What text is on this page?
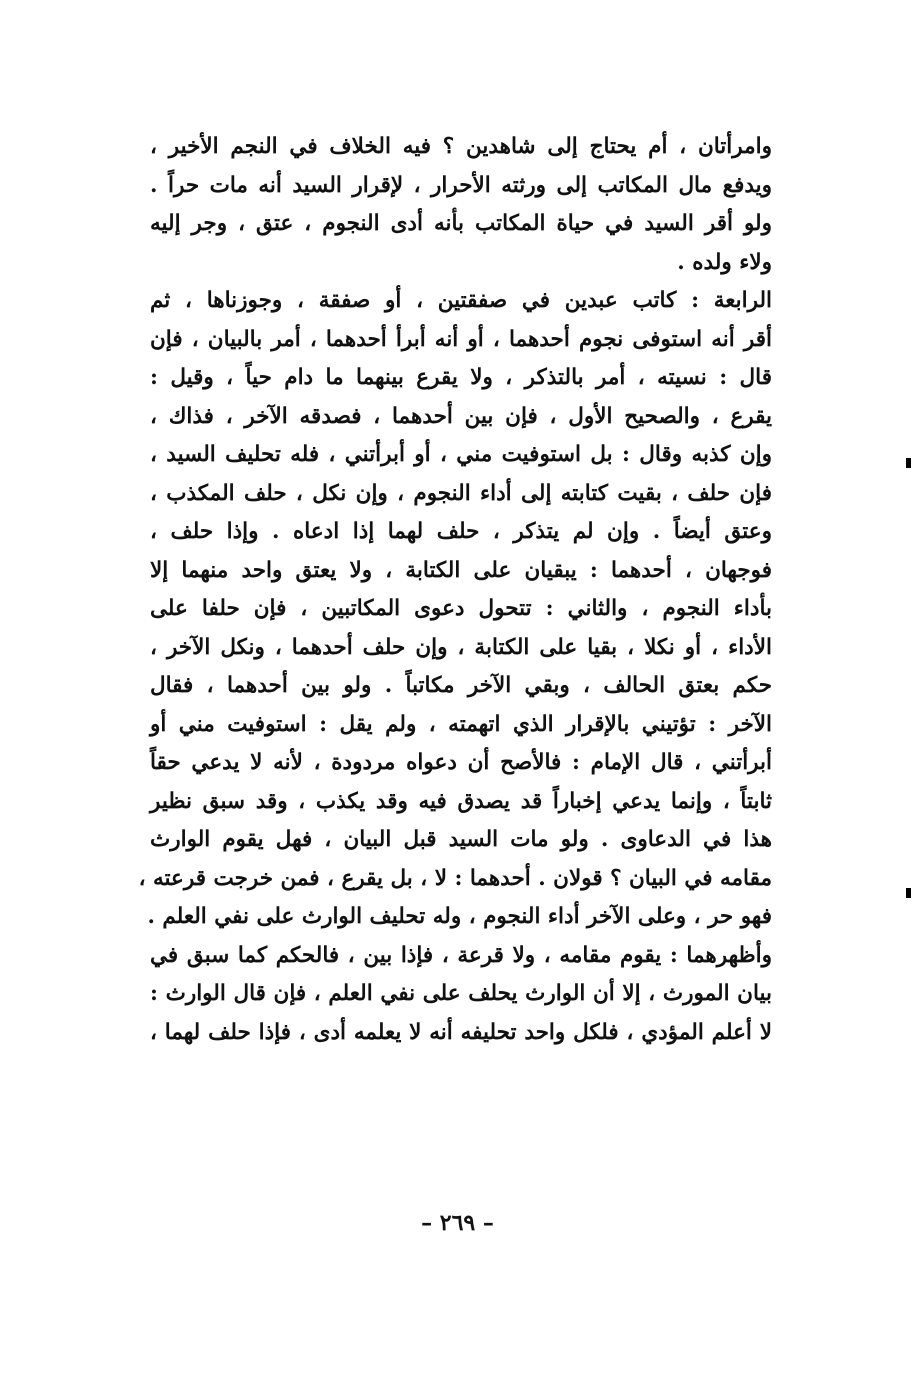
وامرأتان ، أم يحتاج إلى شاهدين ؟ فيه الخلاف في النجم الأخير ،
ويدفع مال المكاتب إلى ورثته الأحرار ، لإقرار السيد أنه مات حراً .
ولو أقر السيد في حياة المكاتب بأنه أدى النجوم ، عتق ، وجر إليه
ولاء ولده .
الرابعة : كاتب عبدين في صفقتين ، أو صفقة ، وجوزناها ، ثم
أقر أنه استوفى نجوم أحدهما ، أو أنه أبرأ أحدهما ، أمر بالبيان ، فإن
قال : نسيته ، أمر بالتذكر ، ولا يقرع بينهما ما دام حياً ، وقيل :
يقرع ، والصحيح الأول ، فإن بين أحدهما ، فصدقه الآخر ، فذاك ،
وإن كذبه وقال : بل استوفيت مني ، أو أبرأتني ، فله تحليف السيد ،
فإن حلف ، بقيت كتابته إلى أداء النجوم ، وإن نكل ، حلف المكذب ،
وعتق أيضاً . وإن لم يتذكر ، حلف لهما إذا ادعاه . وإذا حلف ،
فوجهان ، أحدهما : يبقيان على الكتابة ، ولا يعتق واحد منهما إلا
بأداء النجوم ، والثاني : تتحول دعوى المكاتبين ، فإن حلفا على
الأداء ، أو نكلا ، بقيا على الكتابة ، وإن حلف أحدهما ، ونكل الآخر ،
حكم بعتق الحالف ، وبقي الآخر مكاتباً . ولو بين أحدهما ، فقال
الآخر : تؤتيني بالإقرار الذي اتهمته ، ولم يقل : استوفيت مني أو
أبرأتني ، قال الإمام : فالأصح أن دعواه مردودة ، لأنه لا يدعي حقاً
ثابتاً ، وإنما يدعي إخباراً قد يصدق فيه وقد يكذب ، وقد سبق نظير
هذا في الدعاوى . ولو مات السيد قبل البيان ، فهل يقوم الوارث
مقامه في البيان ؟ قولان . أحدهما : لا ، بل يقرع ، فمن خرجت قرعته ،
فهو حر ، وعلى الآخر أداء النجوم ، وله تحليف الوارث على نفي العلم .
وأظهرهما : يقوم مقامه ، ولا قرعة ، فإذا بين ، فالحكم كما سبق في
بيان المورث ، إلا أن الوارث يحلف على نفي العلم ، فإن قال الوارث :
لا أعلم المؤدي ، فلكل واحد تحليفه أنه لا يعلمه أدى ، فإذا حلف لهما ،
– ٢٦٩ –
